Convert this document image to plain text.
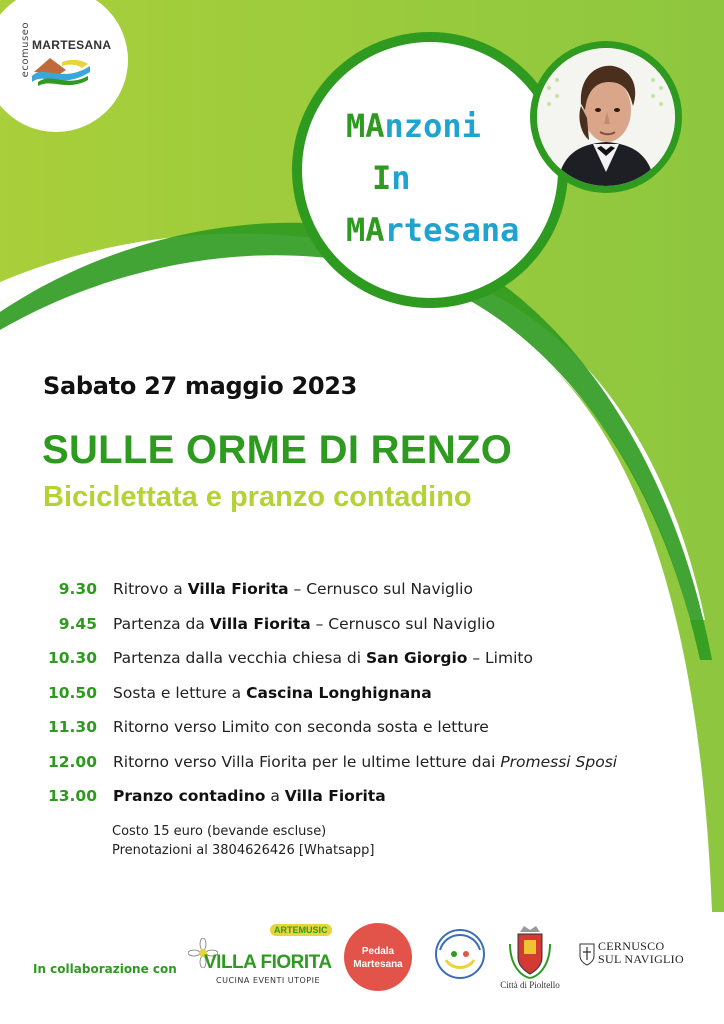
ecomuseo MARTESANA
MAnzoni
In
MArtesana
Sabato 27 maggio 2023
SULLE ORME DI RENZO
Biciclettata e pranzo contadino
9.30 Ritrovo a Villa Fiorita – Cernusco sul Naviglio
9.45 Partenza da Villa Fiorita – Cernusco sul Naviglio
10.30 Partenza dalla vecchia chiesa di San Giorgio – Limito
10.50 Sosta e letture a Cascina Longhignana
11.30 Ritorno verso Limito con seconda sosta e letture
12.00 Ritorno verso Villa Fiorita per le ultime letture dai Promessi Sposi
13.00 Pranzo contadino a Villa Fiorita
Costo 15 euro (bevande escluse)
Prenotazioni al 3804626426 [Whatsapp]
In collaborazione con
ARTEMUSIC
VILLA FIORITA
CUCINA EVENTI UTOPIE
Pedala
Martesana
Città di Pioltello
CERNUSCO
SUL NAVIGLIO
